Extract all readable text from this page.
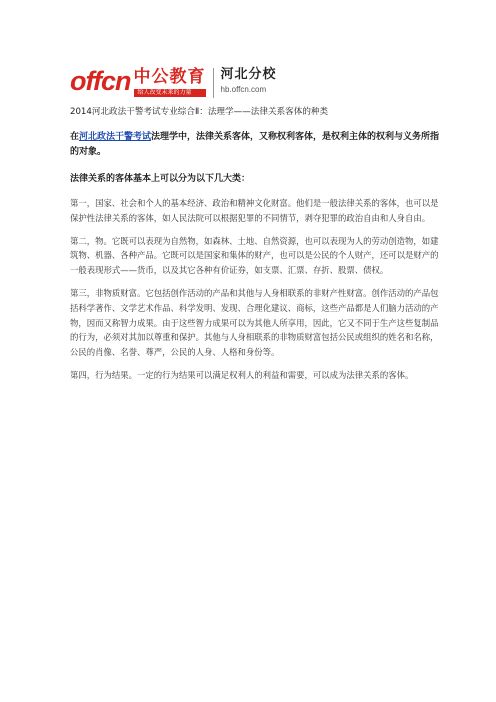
offcn 中公教育
给人改变未来的力量
河北分校
hb.offcn.com

2014河北政法干警考试专业综合Ⅱ：法理学——法律关系客体的种类

在河北政法干警考试法理学中，法律关系客体，又称权利客体，是权利主体的权利与义务所指的对象。

法律关系的客体基本上可以分为以下几大类：

第一，国家、社会和个人的基本经济、政治和精神文化财富。他们是一般法律关系的客体，也可以是保护性法律关系的客体，如人民法院可以根据犯罪的不同情节，剥夺犯罪的政治自由和人身自由。

第二，物。它既可以表现为自然物，如森林、土地、自然资源，也可以表现为人的劳动创造物，如建筑物、机器、各种产品。它既可以是国家和集体的财产，也可以是公民的个人财产，还可以是财产的一般表现形式——货币，以及其它各种有价证券，如支票、汇票、存折、股票、债权。

第三，非物质财富。它包括创作活动的产品和其他与人身相联系的非财产性财富。创作活动的产品包括科学著作、文学艺术作品、科学发明、发现、合理化建议、商标，这些产品都是人们脑力活动的产物，因而又称智力成果。由于这些智力成果可以为其他人所享用，因此，它又不同于生产这些复制品的行为，必须对其加以尊重和保护。其他与人身相联系的非物质财富包括公民或组织的姓名和名称，公民的肖像、名誉、尊严，公民的人身、人格和身份等。

第四，行为结果。一定的行为结果可以满足权利人的利益和需要，可以成为法律关系的客体。
